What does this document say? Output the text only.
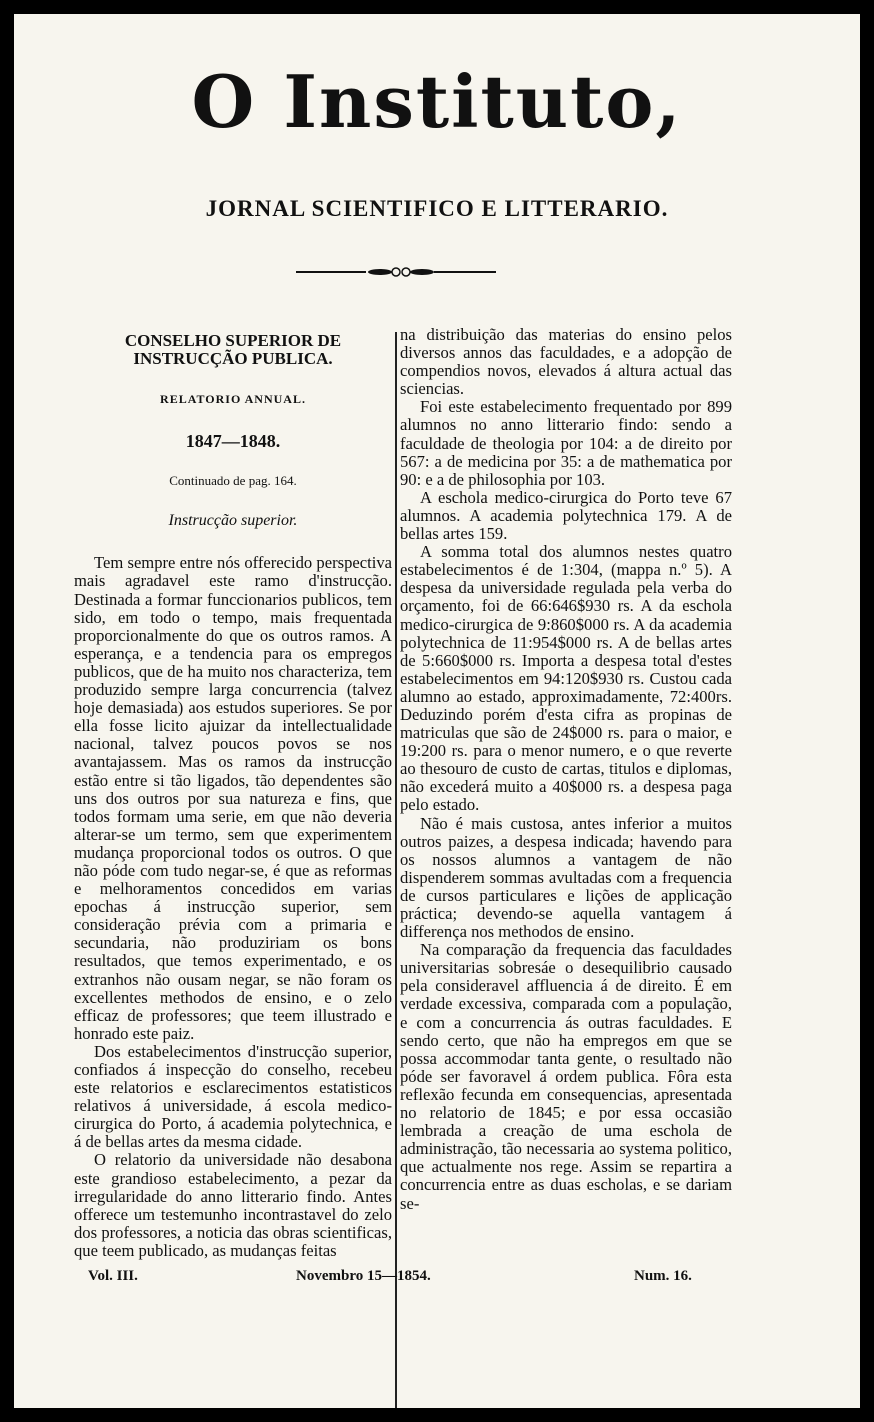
O Instituto,
JORNAL SCIENTIFICO E LITTERARIO.
CONSELHO SUPERIOR DE INSTRUCÇÃO PUBLICA.
RELATORIO ANNUAL.
1847—1848.
Continuado de pag. 164.
Instrucção superior.

Tem sempre entre nós offerecido perspectiva mais agradavel este ramo d'instrucção. Destinada a formar funccionarios publicos, tem sido, em todo o tempo, mais frequentada proporcionalmente do que os outros ramos. A esperança, e a tendencia para os empregos publicos, que de ha muito nos characteriza, tem produzido sempre larga concurrencia (talvez hoje demasiada) aos estudos superiores. Se por ella fosse licito ajuizar da intellectualidade nacional, talvez poucos povos se nos avantajassem. Mas os ramos da instrucção estão entre si tão ligados, tão dependentes são uns dos outros por sua natureza e fins, que todos formam uma serie, em que não deveria alterar-se um termo, sem que experimentem mudança proporcional todos os outros. O que não póde com tudo negar-se, é que as reformas e melhoramentos concedidos em varias epochas á instrucção superior, sem consideração prévia com a primaria e secundaria, não produziriam os bons resultados, que temos experimentado, e os extranhos não ousam negar, se não foram os excellentes methodos de ensino, e o zelo efficaz de professores; que teem illustrado e honrado este paiz.

Dos estabelecimentos d'instrucção superior, confiados á inspecção do conselho, recebeu este relatorios e esclarecimentos estatisticos relativos á universidade, á escola medico-cirurgica do Porto, á academia polytechnica, e á de bellas artes da mesma cidade.

O relatorio da universidade não desabona este grandioso estabelecimento, a pezar da irregularidade do anno litterario findo. Antes offerece um testemunho incontrastavel do zelo dos professores, a noticia das obras scientificas, que teem publicado, as mudanças feitas

na distribuição das materias do ensino pelos diversos annos das faculdades, e a adopção de compendios novos, elevados á altura actual das sciencias.

Foi este estabelecimento frequentado por 899 alumnos no anno litterario findo: sendo a faculdade de theologia por 104: a de direito por 567: a de medicina por 35: a de mathematica por 90: e a de philosophia por 103.

A eschola medico-cirurgica do Porto teve 67 alumnos. A academia polytechnica 179. A de bellas artes 159.

A somma total dos alumnos nestes quatro estabelecimentos é de 1:304, (mappa n.º 5). A despesa da universidade regulada pela verba do orçamento, foi de 66:646$930 rs. A da eschola medico-cirurgica de 9:860$000 rs. A da academia polytechnica de 11:954$000 rs. A de bellas artes de 5:660$000 rs. Importa a despesa total d'estes estabelecimentos em 94:120$930 rs. Custou cada alumno ao estado, approximadamente, 72:400rs. Deduzindo porém d'esta cifra as propinas de matriculas que são de 24$000 rs. para o maior, e 19:200 rs. para o menor numero, e o que reverte ao thesouro de custo de cartas, titulos e diplomas, não excederá muito a 40$000 rs. a despesa paga pelo estado.

Não é mais custosa, antes inferior a muitos outros paizes, a despesa indicada; havendo para os nossos alumnos a vantagem de não dispenderem sommas avultadas com a frequencia de cursos particulares e lições de applicação práctica; devendo-se aquella vantagem á differença nos methodos de ensino.

Na comparação da frequencia das faculdades universitarias sobresáe o desequilibrio causado pela consideravel affluencia á de direito. É em verdade excessiva, comparada com a população, e com a concurrencia ás outras faculdades. E sendo certo, que não ha empregos em que se possa accommodar tanta gente, o resultado não póde ser favoravel á ordem publica. Fôra esta reflexão fecunda em consequencias, apresentada no relatorio de 1845; e por essa occasião lembrada a creação de uma eschola de administração, tão necessaria ao systema politico, que actualmente nos rege. Assim se repartira a concurrencia entre as duas escholas, e se dariam se-

Vol. III.	Novembro 15—1854.	Num. 16.
